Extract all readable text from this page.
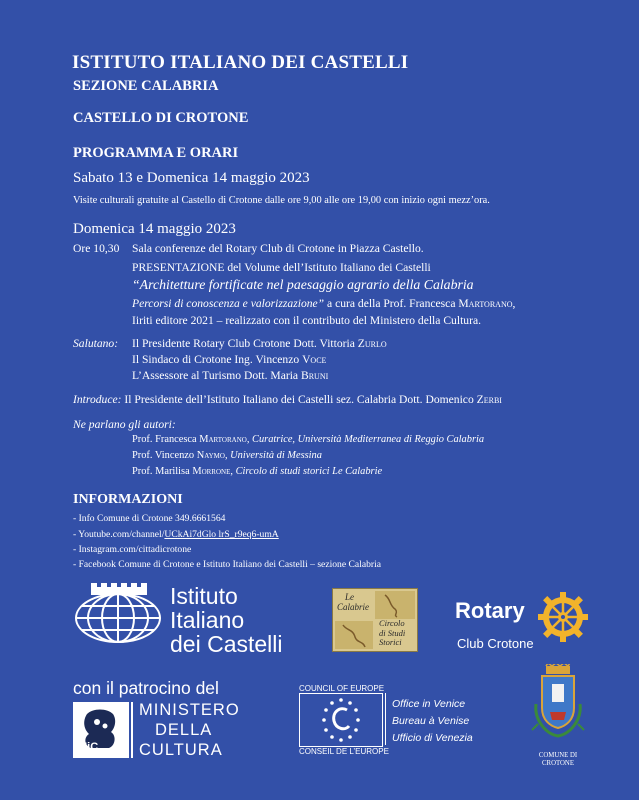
ISTITUTO ITALIANO DEI CASTELLI
SEZIONE CALABRIA
CASTELLO DI CROTONE
PROGRAMMA E ORARI
Sabato 13 e Domenica 14 maggio 2023
Visite culturali gratuite al Castello di Crotone dalle ore 9,00 alle ore 19,00 con inizio ogni mezz’ora.
Domenica 14 maggio 2023
Ore 10,30 Sala conferenze del Rotary Club di Crotone in Piazza Castello.
PRESENTAZIONE del Volume dell’Istituto Italiano dei Castelli
“Architetture fortificate nel paesaggio agrario della Calabria
Percorsi di conoscenza e valorizzazione” a cura della Prof. Francesca Martorano,
Iiriti editore 2021 – realizzato con il contributo del Ministero della Cultura.
Salutano: Il Presidente Rotary Club Crotone Dott. Vittoria Zurlo
Il Sindaco di Crotone Ing. Vincenzo Voce
L’Assessore al Turismo Dott. Maria Bruni
Introduce: Il Presidente dell’Istituto Italiano dei Castelli sez. Calabria Dott. Domenico Zerbi
Ne parlano gli autori:
Prof. Francesca Martorano, Curatrice, Università Mediterranea di Reggio Calabria
Prof. Vincenzo Naymo, Università di Messina
Prof. Marilisa Morrone, Circolo di studi storici Le Calabrie
INFORMAZIONI
- Info Comune di Crotone 349.6661564
- Youtube.com/channel/UCkAi7dGlo lrS_r9eq6-umA
- Instagram.com/cittadicrotone
- Facebook Comune di Crotone e Istituto Italiano dei Castelli – sezione Calabria
Istituto
Italiano
dei Castelli
Le
Calabrie
Circolo
di Studi
Storici
Rotary
Club Crotone
con il patrocino del
MiC
MINISTERO
DELLA
CULTURA
COUNCIL OF EUROPE
CONSEIL DE L’EUROPE
Office in Venice
Bureau à Venise
Ufficio di Venezia
COMUNE DI
CROTONE
